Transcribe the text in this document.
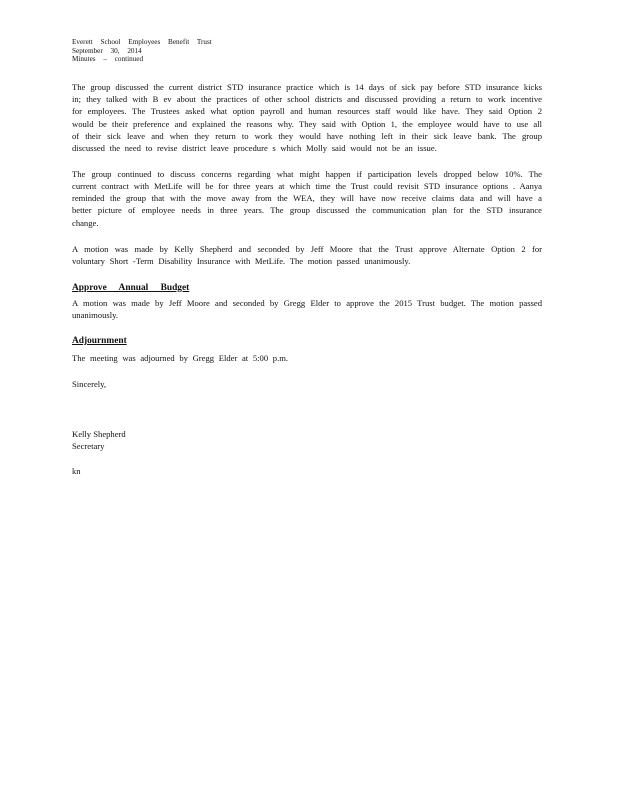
Everett School Employees Benefit Trust
September 30, 2014
Minutes – continued

The group discussed the current district STD insurance practice which is 14 days of sick pay before STD insurance kicks in; they talked with B ev about the practices of other school districts and discussed providing a return to work incentive for employees. The Trustees asked what option payroll and human resources staff would like have. They said Option 2 would be their preference and explained the reasons why. They said with Option 1, the employee would have to use all of their sick leave and when they return to work they would have nothing left in their sick leave bank. The group discussed the need to revise district leave procedure s which Molly said would not be an issue.

The group continued to discuss concerns regarding what might happen if participation levels dropped below 10%. The current contract with MetLife will be for three years at which time the Trust could revisit STD insurance options . Aanya reminded the group that with the move away from the WEA, they will have now receive claims data and will have a better picture of employee needs in three years. The group discussed the communication plan for the STD insurance change.

A motion was made by Kelly Shepherd and seconded by Jeff Moore that the Trust approve Alternate Option 2 for voluntary Short -Term Disability Insurance with MetLife. The motion passed unanimously.

Approve Annual Budget

A motion was made by Jeff Moore and seconded by Gregg Elder to approve the 2015 Trust budget. The motion passed unanimously.

Adjournment

The meeting was adjourned by Gregg Elder at 5:00 p.m.

Sincerely,
Kelly Shepherd
Secretary
kn
